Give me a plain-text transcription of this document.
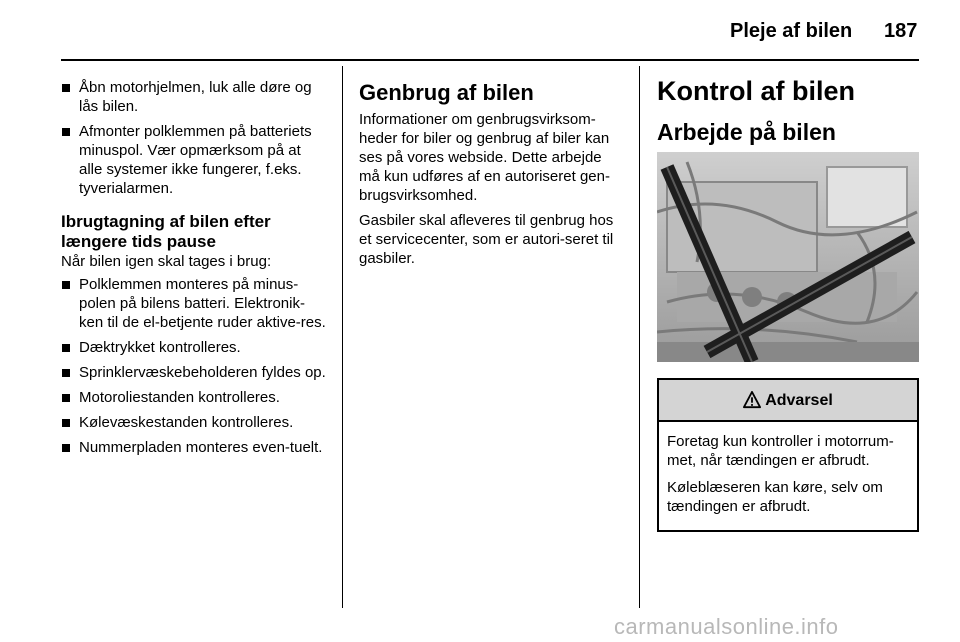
Pleje af bilen 187
Åbn motorhjelmen, luk alle døre og lås bilen.
Afmonter polklemmen på batteriets minuspol. Vær opmærksom på at alle systemer ikke fungerer, f.eks. tyverialarmen.
Ibrugtagning af bilen efter længere tids pause

Når bilen igen skal tages i brug:

Polklemmen monteres på minus-polen på bilens batteri. Elektronik-ken til de el-betjente ruder aktive-res.
Dæktrykket kontrolleres.
Sprinklervæskebeholderen fyldes op.
Motoroliestanden kontrolleres.
Kølevæskestanden kontrolleres.
Nummerpladen monteres even-tuelt.
Genbrug af bilen

Informationer om genbrugsvirksom-heder for biler og genbrug af biler kan ses på vores webside. Dette arbejde må kun udføres af en autoriseret gen-brugsvirksomhed.

Gasbiler skal afleveres til genbrug hos et servicecenter, som er autori-seret til gasbiler.

Kontrol af bilen
Arbejde på bilen
Advarsel

Foretag kun kontroller i motorrum-met, når tændingen er afbrudt.

Køleblæseren kan køre, selv om tændingen er afbrudt.

carmanualsonline.info
